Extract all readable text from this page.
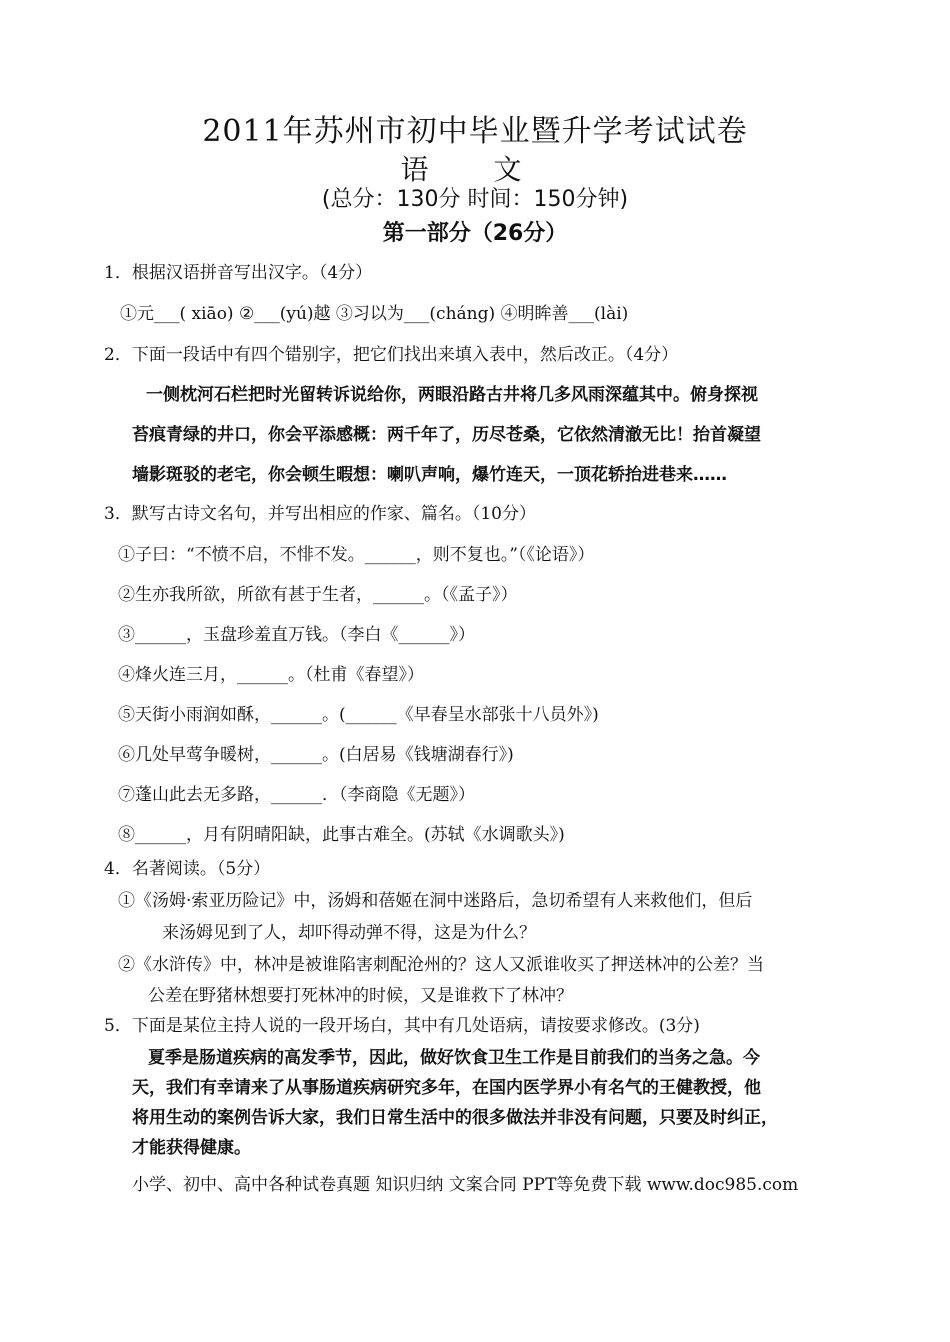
2011年苏州市初中毕业暨升学考试试卷
语 文
(总分：130分 时间：150分钟)
第一部分（26分）
1．根据汉语拼音写出汉字。（4分）
①元___( xiāo) ②___(yú)越 ③习以为___(cháng) ④明眸善___(lài)
2．下面一段话中有四个错别字，把它们找出来填入表中，然后改正。（4分）
一侧枕河石栏把时光留转诉说给你，两眼沿路古井将几多风雨深蕴其中。俯身探视
苔痕青绿的井口，你会平添感概：两千年了，历尽苍桑，它依然清澈无比！抬首凝望
墙影斑驳的老宅，你会顿生暇想：喇叭声响，爆竹连天，一顶花轿抬进巷来……
3．默写古诗文名句，并写出相应的作家、篇名。（10分）
①子曰：“不愤不启，不悱不发。______，则不复也。”（《论语》）
②生亦我所欲，所欲有甚于生者，______。（《孟子》）
③______，玉盘珍羞直万钱。（李白《______》）
④烽火连三月，______。（杜甫《春望》）
⑤天街小雨润如酥，______。(______《早春呈水部张十八员外》)
⑥几处早莺争暖树，______。(白居易《钱塘湖春行》)
⑦蓬山此去无多路，______．（李商隐《无题》）
⑧______，月有阴晴阳缺，此事古难全。(苏轼《水调歌头》)
4．名著阅读。（5分）
①《汤姆·索亚历险记》中，汤姆和蓓姬在洞中迷路后，急切希望有人来救他们，但后
来汤姆见到了人，却吓得动弹不得，这是为什么？
②《水浒传》中，林冲是被谁陷害刺配沧州的？这人又派谁收买了押送林冲的公差？当
公差在野猪林想要打死林冲的时候，又是谁救下了林冲？
5．下面是某位主持人说的一段开场白，其中有几处语病，请按要求修改。(3分)
夏季是肠道疾病的高发季节，因此，做好饮食卫生工作是目前我们的当务之急。今
天，我们有幸请来了从事肠道疾病研究多年，在国内医学界小有名气的王健教授，他
将用生动的案例告诉大家，我们日常生活中的很多做法并非没有问题，只要及时纠正，
才能获得健康。
小学、初中、高中各种试卷真题 知识归纳 文案合同 PPT等免费下载 www.doc985.com
